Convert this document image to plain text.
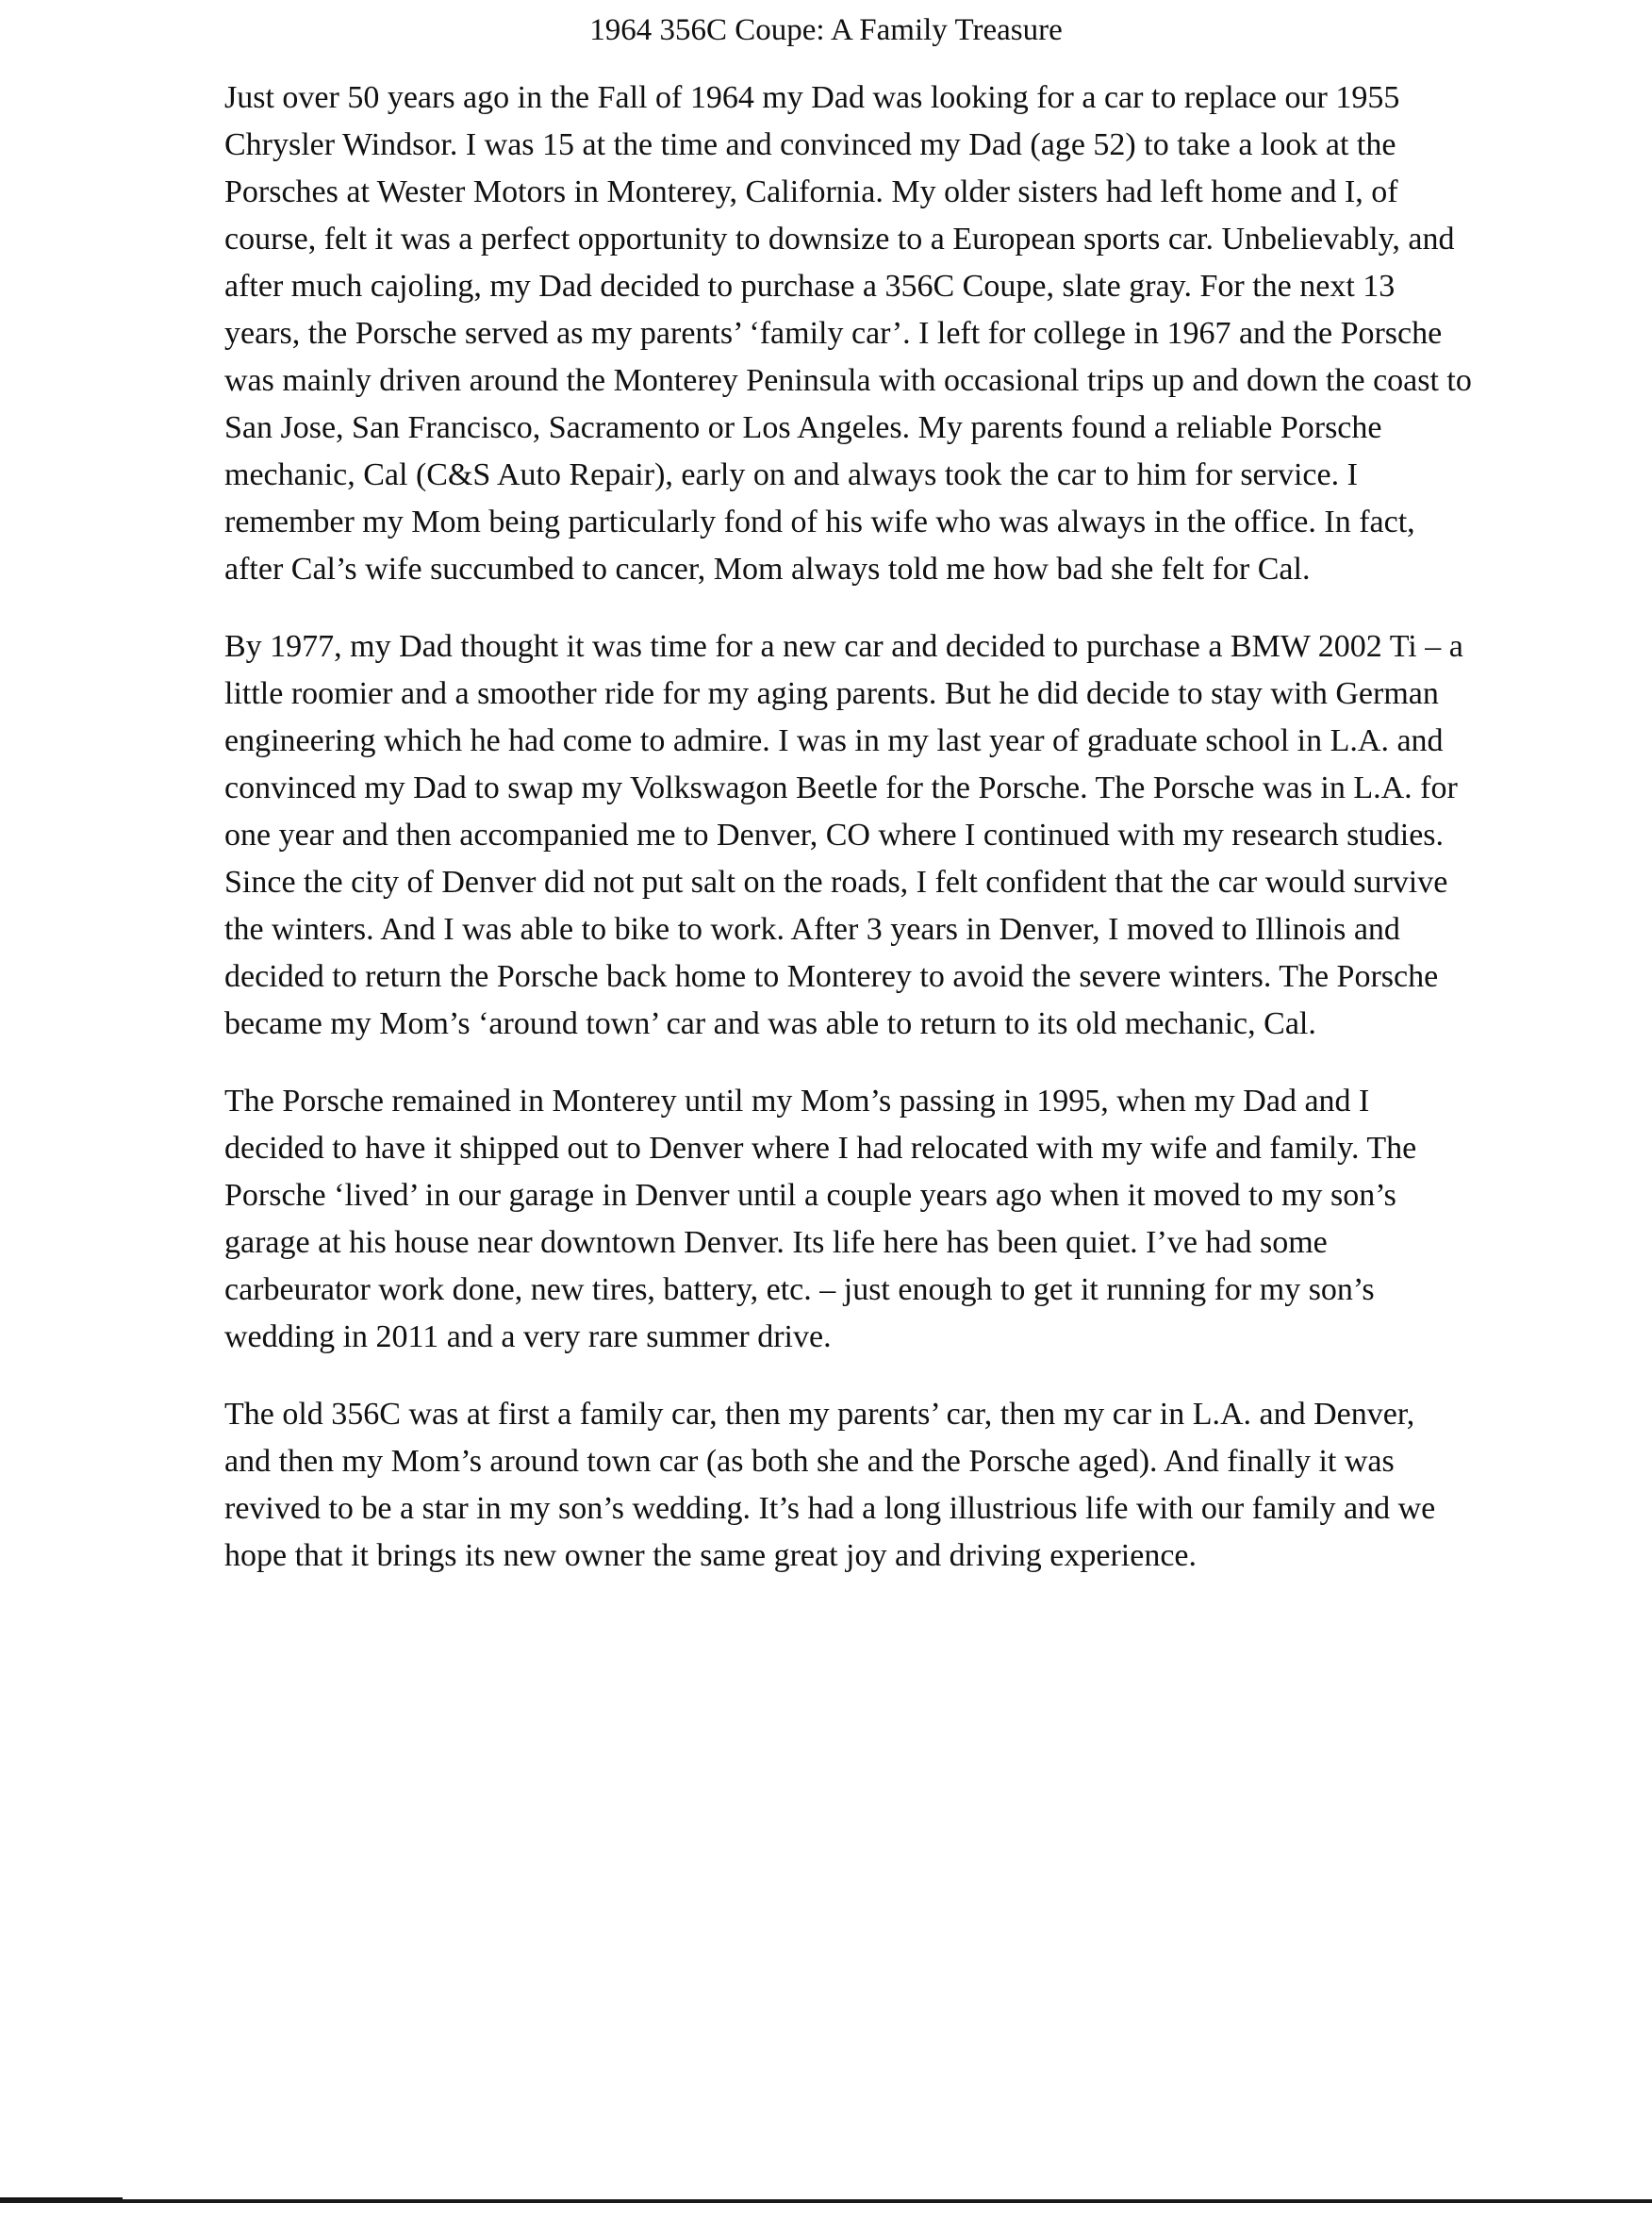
1964 356C Coupe: A Family Treasure

Just over 50 years ago in the Fall of 1964 my Dad was looking for a car to replace our 1955
Chrysler Windsor. I was 15 at the time and convinced my Dad (age 52) to take a look at the
Porsches at Wester Motors in Monterey, California. My older sisters had left home and I, of
course, felt it was a perfect opportunity to downsize to a European sports car. Unbelievably, and
after much cajoling, my Dad decided to purchase a 356C Coupe, slate gray. For the next 13
years, the Porsche served as my parents’ ‘family car’. I left for college in 1967 and the Porsche
was mainly driven around the Monterey Peninsula with occasional trips up and down the coast to
San Jose, San Francisco, Sacramento or Los Angeles. My parents found a reliable Porsche
mechanic, Cal (C&S Auto Repair), early on and always took the car to him for service. I
remember my Mom being particularly fond of his wife who was always in the office. In fact,
after Cal’s wife succumbed to cancer, Mom always told me how bad she felt for Cal.

By 1977, my Dad thought it was time for a new car and decided to purchase a BMW 2002 Ti – a
little roomier and a smoother ride for my aging parents. But he did decide to stay with German
engineering which he had come to admire. I was in my last year of graduate school in L.A. and
convinced my Dad to swap my Volkswagon Beetle for the Porsche. The Porsche was in L.A. for
one year and then accompanied me to Denver, CO where I continued with my research studies.
Since the city of Denver did not put salt on the roads, I felt confident that the car would survive
the winters. And I was able to bike to work. After 3 years in Denver, I moved to Illinois and
decided to return the Porsche back home to Monterey to avoid the severe winters. The Porsche
became my Mom’s ‘around town’ car and was able to return to its old mechanic, Cal.

The Porsche remained in Monterey until my Mom’s passing in 1995, when my Dad and I
decided to have it shipped out to Denver where I had relocated with my wife and family. The
Porsche ‘lived’ in our garage in Denver until a couple years ago when it moved to my son’s
garage at his house near downtown Denver. Its life here has been quiet. I’ve had some
carbeurator work done, new tires, battery, etc. – just enough to get it running for my son’s
wedding in 2011 and a very rare summer drive.

The old 356C was at first a family car, then my parents’ car, then my car in L.A. and Denver,
and then my Mom’s around town car (as both she and the Porsche aged). And finally it was
revived to be a star in my son’s wedding. It’s had a long illustrious life with our family and we
hope that it brings its new owner the same great joy and driving experience.
